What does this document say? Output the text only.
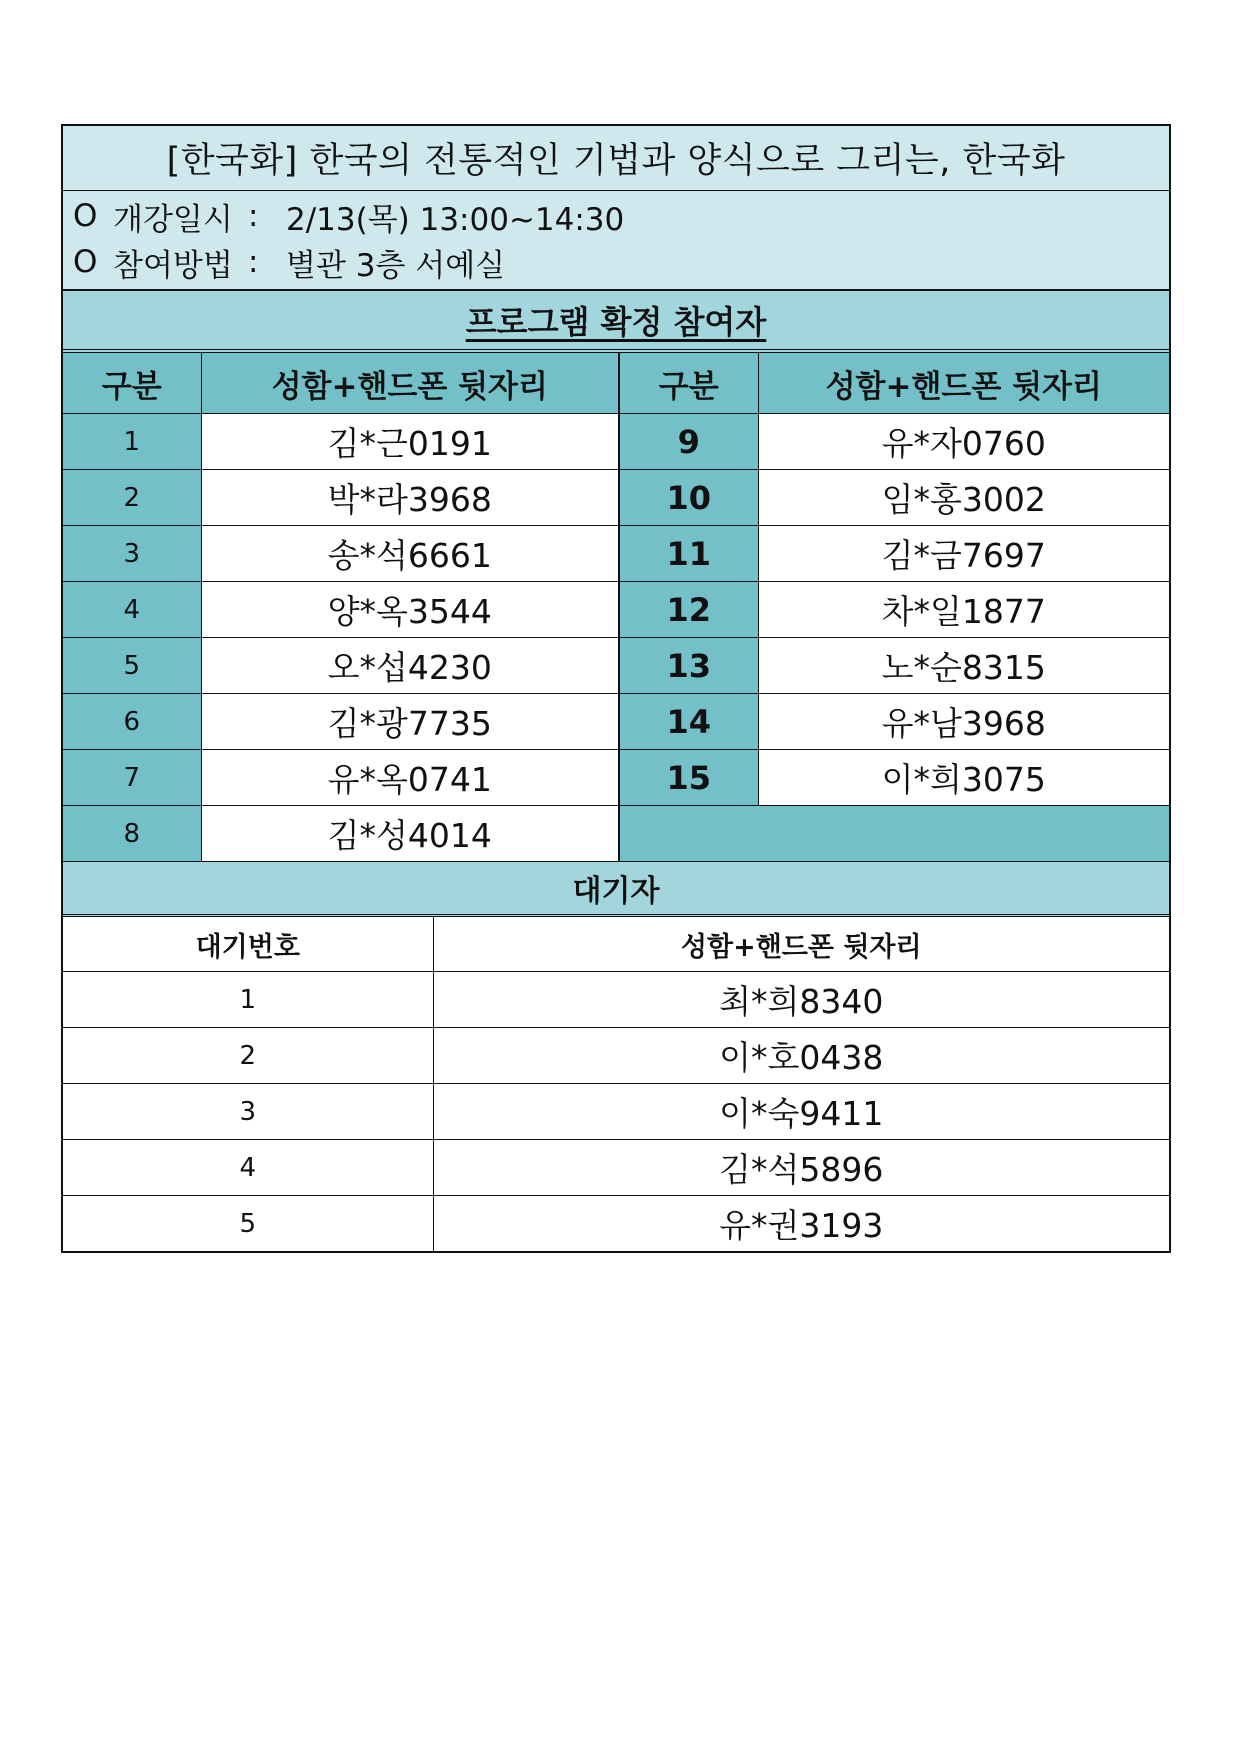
[한국화] 한국의 전통적인 기법과 양식으로 그리는, 한국화
O 개강일시 : 2/13(목) 13:00~14:30
O 참여방법 : 별관 3층 서예실
프로그램 확정 참여자
구분	성함+핸드폰 뒷자리	구분	성함+핸드폰 뒷자리
1	김*근0191	9	유*자0760
2	박*라3968	10	임*홍3002
3	송*석6661	11	김*금7697
4	양*옥3544	12	차*일1877
5	오*섭4230	13	노*순8315
6	김*광7735	14	유*남3968
7	유*옥0741	15	이*희3075
8	김*성4014		
대기자
대기번호	성함+핸드폰 뒷자리
1	최*희8340
2	이*호0438
3	이*숙9411
4	김*석5896
5	유*권3193
